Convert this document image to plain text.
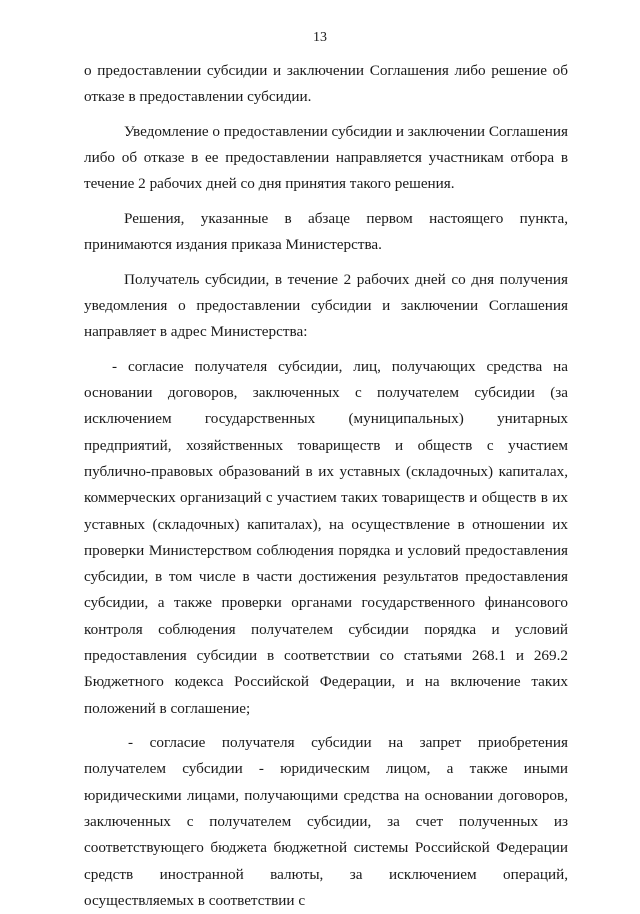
13

о предоставлении субсидии и заключении Соглашения либо решение об отказе в предоставлении субсидии.

Уведомление о предоставлении субсидии и заключении Соглашения либо об отказе в ее предоставлении направляется участникам отбора в течение 2 рабочих дней со дня принятия такого решения.

Решения, указанные в абзаце первом настоящего пункта, принимаются издания приказа Министерства.

Получатель субсидии, в течение 2 рабочих дней со дня получения уведомления о предоставлении субсидии и заключении Соглашения направляет в адрес Министерства:

- согласие получателя субсидии, лиц, получающих средства на основании договоров, заключенных с получателем субсидии (за исключением государственных (муниципальных) унитарных предприятий, хозяйственных товариществ и обществ с участием публично-правовых образований в их уставных (складочных) капиталах, коммерческих организаций с участием таких товариществ и обществ в их уставных (складочных) капиталах), на осуществление в отношении их проверки Министерством соблюдения порядка и условий предоставления субсидии, в том числе в части достижения результатов предоставления субсидии, а также проверки органами государственного финансового контроля соблюдения получателем субсидии порядка и условий предоставления субсидии в соответствии со статьями 268.1 и 269.2 Бюджетного кодекса Российской Федерации, и на включение таких положений в соглашение;

- согласие получателя субсидии на запрет приобретения получателем субсидии - юридическим лицом, а также иными юридическими лицами, получающими средства на основании договоров, заключенных с получателем субсидии, за счет полученных из соответствующего бюджета бюджетной системы Российской Федерации средств иностранной валюты, за исключением операций, осуществляемых в соответствии с
